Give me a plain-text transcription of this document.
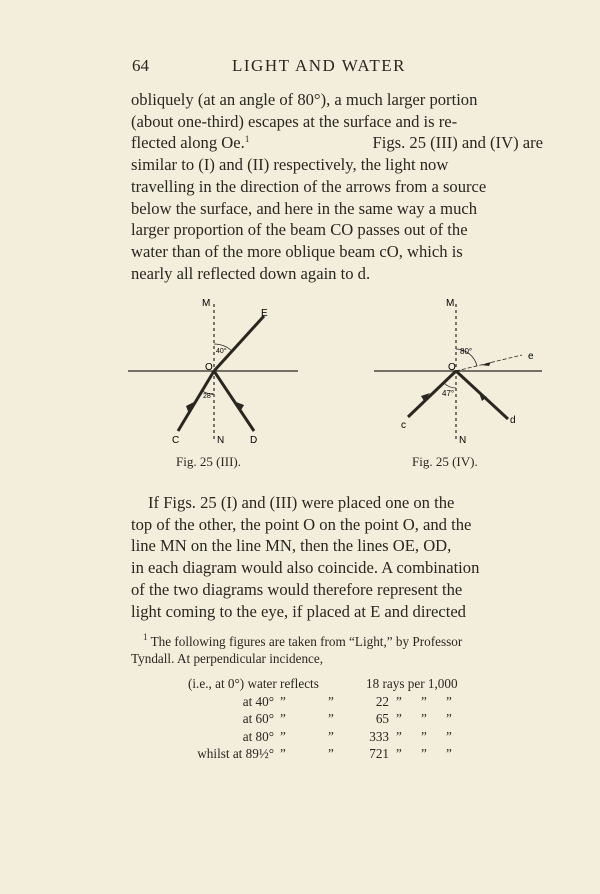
64	LIGHT AND WATER
obliquely (at an angle of 80°), a much larger portion
(about one-third) escapes at the surface and is re-
flected along Oe.$^1$	Figs. 25 (III) and (IV) are
similar to (I) and (II) respectively, the light now
travelling in the direction of the arrows from a source
below the surface, and here in the same way a much
larger proportion of the beam CO passes out of the
water than of the more oblique beam cO, which is
nearly all reflected down again to d.
M
E
O
C	N	D
40°
28°
Fig. 25 (III).
M
e
O
c	d
N
80°
47°
Fig. 25 (IV).
If Figs. 25 (I) and (III) were placed one on the
top of the other, the point O on the point O, and the
line MN on the line MN, then the lines OE, OD,
in each diagram would also coincide. A combination
of the two diagrams would therefore represent the
light coming to the eye, if placed at E and directed
$^1$ The following figures are taken from “Light,” by Professor
Tyndall. At perpendicular incidence,
(i.e., at 0°) water reflects	18 rays per 1,000
at 40° ”	”	22 ” ” ”
at 60° ”	”	65 ” ” ”
at 80° ”	”	333 ” ” ”
whilst at 89½° ”	”	721 ” ” ”
